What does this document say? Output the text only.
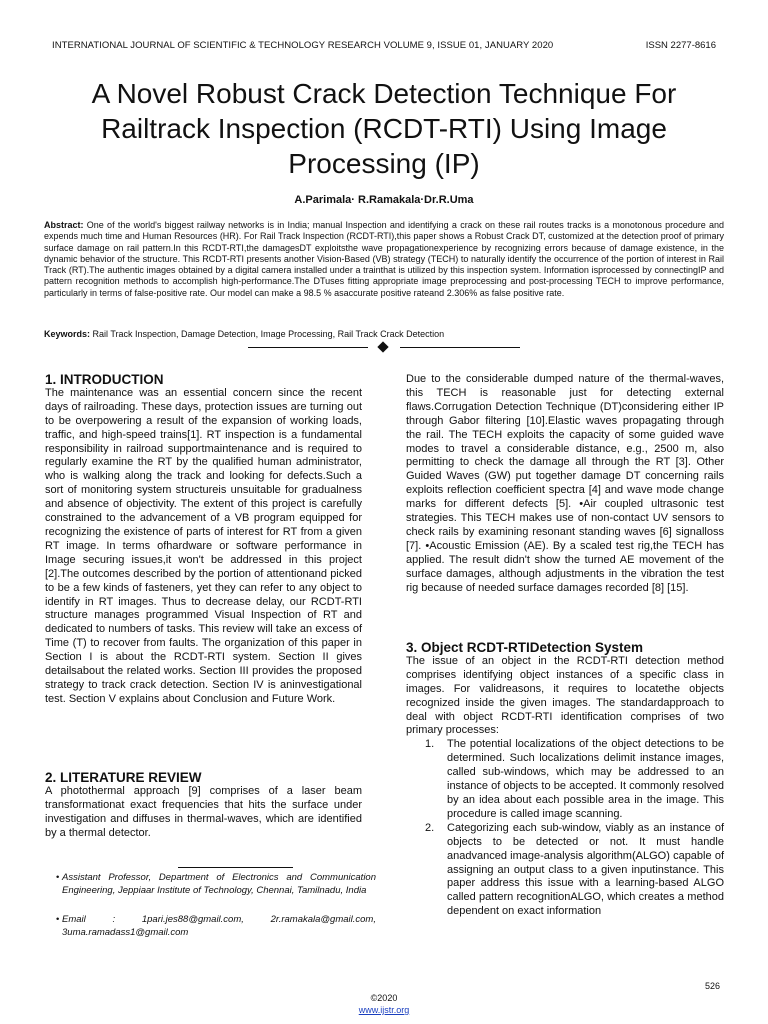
INTERNATIONAL JOURNAL OF SCIENTIFIC & TECHNOLOGY RESEARCH VOLUME 9, ISSUE 01, JANUARY 2020	ISSN 2277-8616
A Novel Robust Crack Detection Technique For Railtrack Inspection (RCDT-RTI) Using Image Processing (IP)
A.Parimala· R.Ramakala·Dr.R.Uma

Abstract: One of the world's biggest railway networks is in India; manual Inspection and identifying a crack on these rail routes tracks is a monotonous procedure and expends much time and Human Resources (HR). For Rail Track Inspection (RCDT-RTI),this paper shows a Robust Crack DT, customized at the detection proof of primary surface damage on rail pattern.In this RCDT-RTI,the damagesDT exploitsthe wave propagationexperience by recognizing errors because of damage existence, in the dynamic behavior of the structure. This RCDT-RTI presents another Vision-Based (VB) strategy (TECH) to naturally identify the occurrence of the portion of interest in Rail Track (RT).The authentic images obtained by a digital camera installed under a trainthat is utilized by this inspection system. Information isprocessed by connectingIP and pattern recognition methods to accomplish high-performance.The DTuses fitting appropriate image preprocessing and post-processing TECH to improve performance, particularly in terms of false-positive rate. Our model can make a 98.5 % asaccurate positive rateand 2.306% as false positive rate.

Keywords: Rail Track Inspection, Damage Detection, Image Processing, Rail Track Crack Detection

1. INTRODUCTION

The maintenance was an essential concern since the recent days of railroading. These days, protection issues are turning out to be overpowering a result of the expansion of working loads, traffic, and high-speed trains[1]. RT inspection is a fundamental responsibility in railroad supportmaintenance and is required to regularly examine the RT by the qualified human administrator, who is walking along the track and looking for defects.Such a sort of monitoring system structureis unsuitable for gradualness and absence of objectivity. The extent of this project is carefully constrained to the advancement of a VB program equipped for recognizing the existence of parts of interest for RT from a given RT image. In terms ofhardware or software performance in Image securing issues,it won't be addressed in this project [2].The outcomes described by the portion of attentionand picked to be a few kinds of fasteners, yet they can refer to any object to identify in RT images. Thus to decrease delay, our RCDT-RTI structure manages programmed Visual Inspection of RT and dedicated to numbers of tasks. This review will take an excess of Time (T) to recover from faults. The organization of this paper in Section I is about the RCDT-RTI system. Section II gives detailsabout the related works. Section III provides the proposed strategy to track crack detection. Section IV is aninvestigational test. Section V explains about Conclusion and Future Work.

2. LITERATURE REVIEW

A photothermal approach [9] comprises of a laser beam transformationat exact frequencies that hits the surface under investigation and diffuses in thermal-waves, which are identified by a thermal detector.

• Assistant Professor, Department of Electronics and Communication Engineering, Jeppiaar Institute of Technology, Chennai, Tamilnadu, India

• Email : 1pari.jes88@gmail.com, 2r.ramakala@gmail.com, 3uma.ramadass1@gmail.com

Due to the considerable dumped nature of the thermal-waves, this TECH is reasonable just for detecting external flaws.Corrugation Detection Technique (DT)considering either IP through Gabor filtering [10].Elastic waves propagating through the rail. The TECH exploits the capacity of some guided wave modes to travel a considerable distance, e.g., 2500 m, also permitting to check the damage all through the RT [3]. Other Guided Waves (GW) put together damage DT concerning rails exploits reflection coefficient spectra [4] and wave mode change marks for different defects [5]. •Air coupled ultrasonic test strategies. This TECH makes use of non-contact UV sensors to check rails by examining resonant standing waves [6] signalloss [7]. •Acoustic Emission (AE). By a scaled test rig,the TECH has applied. The result didn't show the turned AE movement of the surface damages, although adjustments in the vibration the test rig because of needed surface damages recorded [8] [15].

3. Object RCDT-RTIDetection System

The issue of an object in the RCDT-RTI detection method comprises identifying object instances of a specific class in images. For validreasons, it requires to locatethe objects recognized inside the given images. The standardapproach to deal with object RCDT-RTI identification comprises of two primary processes:

1. The potential localizations of the object detections to be determined. Such localizations delimit instance images, called sub-windows, which may be addressed to an instance of objects to be accepted. It commonly resolved by an idea about each possible area in the image. This procedure is called image scanning.
2. Categorizing each sub-window, viably as an instance of objects to be detected or not. It must handle anadvanced image-analysis algorithm(ALGO) capable of assigning an output class to a given inputinstance. This paper address this issue with a learning-based ALGO called pattern recognitionALGO, which creates a method dependent on exact information
526
©2020
www.ijstr.org
